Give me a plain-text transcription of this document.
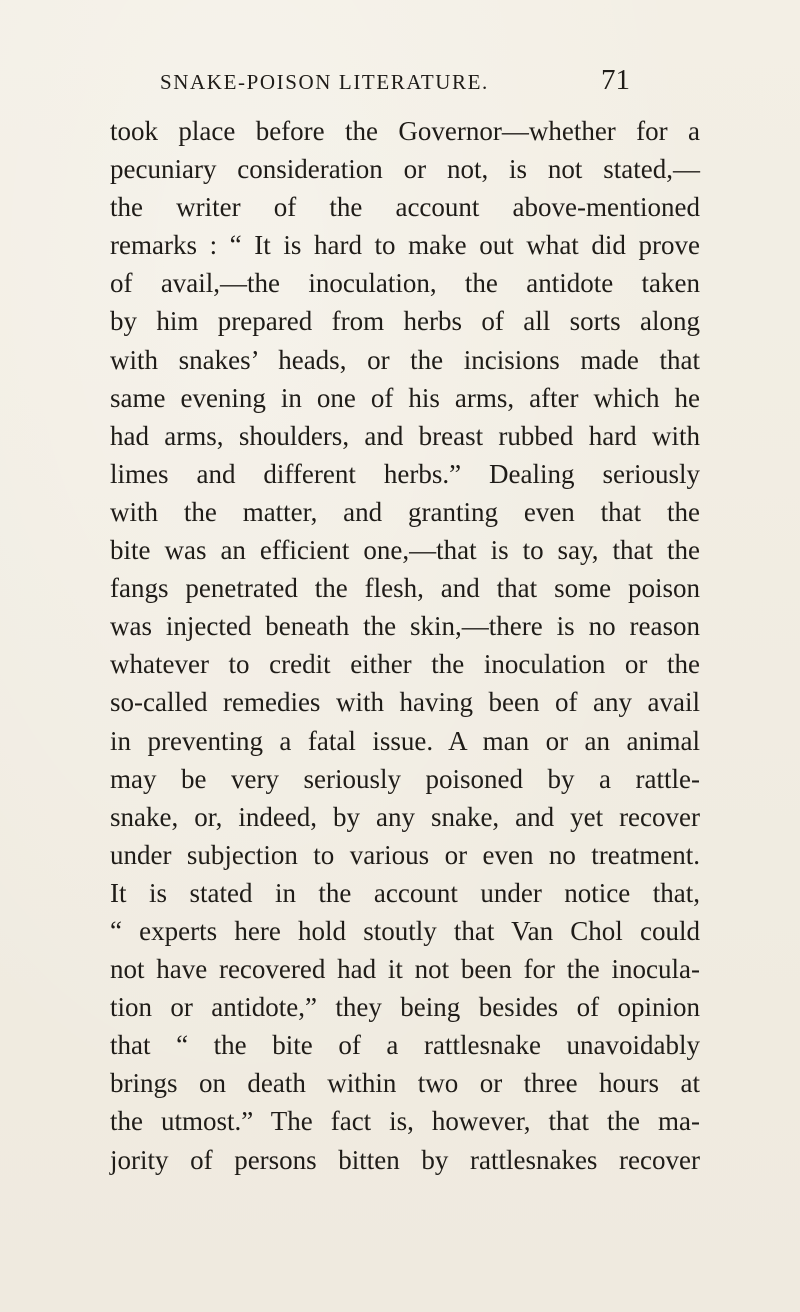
SNAKE-POISON LITERATURE.	71
took place before the Governor—whether for a
pecuniary consideration or not, is not stated,—
the writer of the account above-mentioned
remarks : “ It is hard to make out what did prove
of avail,—the inoculation, the antidote taken
by him prepared from herbs of all sorts along
with snakes’ heads, or the incisions made that
same evening in one of his arms, after which he
had arms, shoulders, and breast rubbed hard with
limes and different herbs.” Dealing seriously
with the matter, and granting even that the
bite was an efficient one,—that is to say, that the
fangs penetrated the flesh, and that some poison
was injected beneath the skin,—there is no reason
whatever to credit either the inoculation or the
so-called remedies with having been of any avail
in preventing a fatal issue. A man or an animal
may be very seriously poisoned by a rattle-
snake, or, indeed, by any snake, and yet recover
under subjection to various or even no treatment.
It is stated in the account under notice that,
“ experts here hold stoutly that Van Chol could
not have recovered had it not been for the inocula-
tion or antidote,” they being besides of opinion
that “ the bite of a rattlesnake unavoidably
brings on death within two or three hours at
the utmost.” The fact is, however, that the ma-
jority of persons bitten by rattlesnakes recover
